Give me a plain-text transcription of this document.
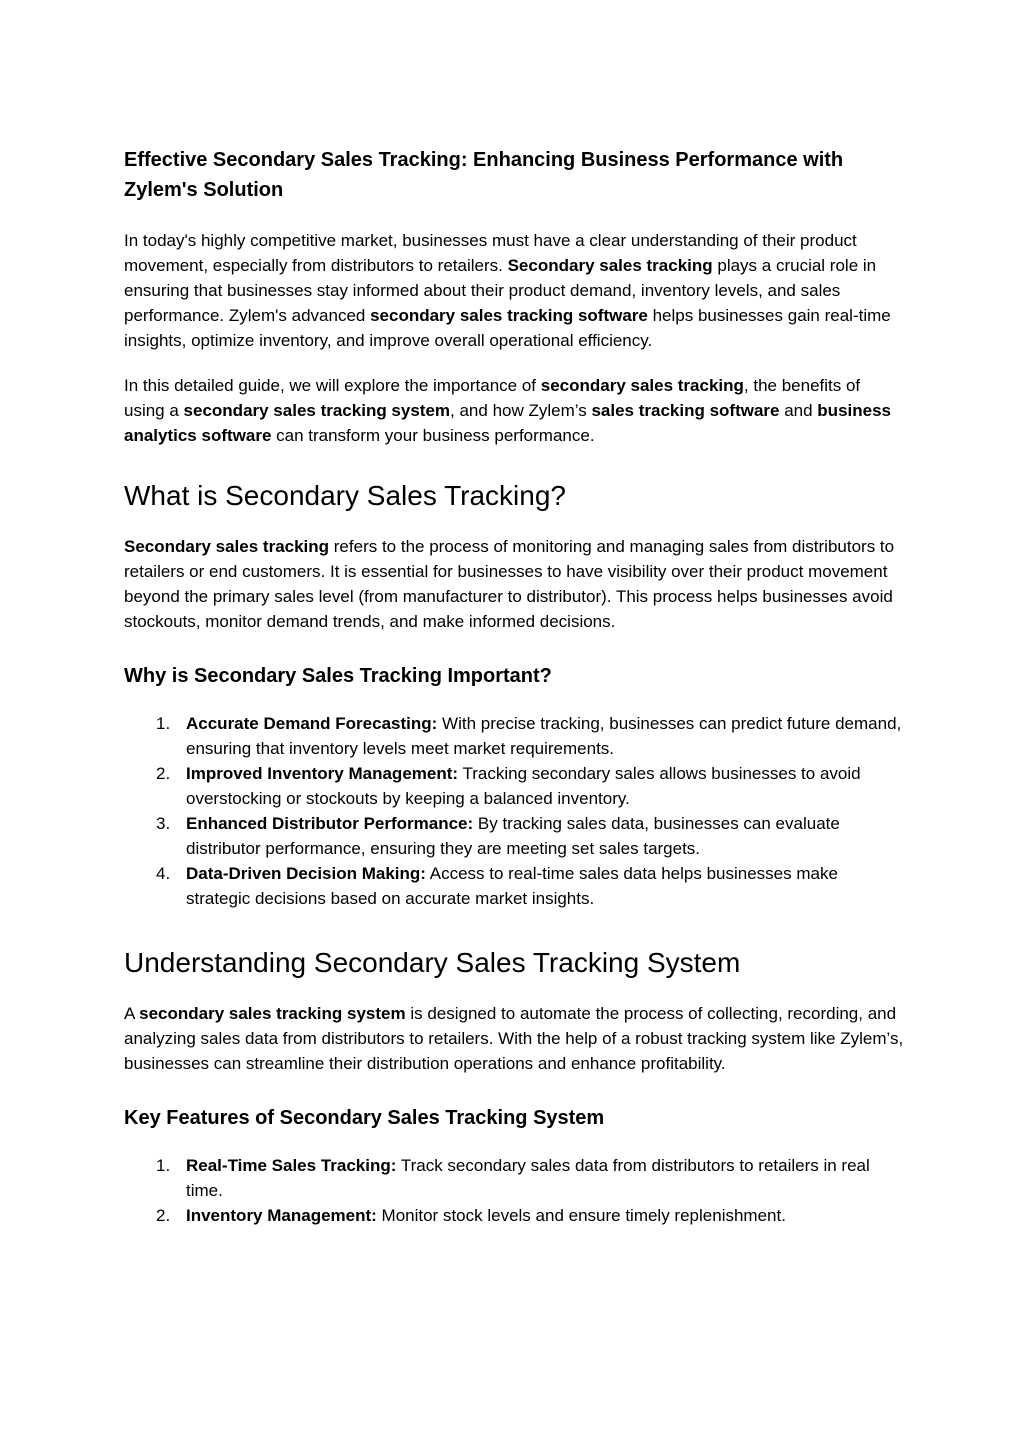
Effective Secondary Sales Tracking: Enhancing Business Performance with Zylem's Solution

In today's highly competitive market, businesses must have a clear understanding of their product movement, especially from distributors to retailers. Secondary sales tracking plays a crucial role in ensuring that businesses stay informed about their product demand, inventory levels, and sales performance. Zylem's advanced secondary sales tracking software helps businesses gain real-time insights, optimize inventory, and improve overall operational efficiency.

In this detailed guide, we will explore the importance of secondary sales tracking, the benefits of using a secondary sales tracking system, and how Zylem’s sales tracking software and business analytics software can transform your business performance.

What is Secondary Sales Tracking?

Secondary sales tracking refers to the process of monitoring and managing sales from distributors to retailers or end customers. It is essential for businesses to have visibility over their product movement beyond the primary sales level (from manufacturer to distributor). This process helps businesses avoid stockouts, monitor demand trends, and make informed decisions.

Why is Secondary Sales Tracking Important?
1. Accurate Demand Forecasting: With precise tracking, businesses can predict future demand, ensuring that inventory levels meet market requirements.
2. Improved Inventory Management: Tracking secondary sales allows businesses to avoid overstocking or stockouts by keeping a balanced inventory.
3. Enhanced Distributor Performance: By tracking sales data, businesses can evaluate distributor performance, ensuring they are meeting set sales targets.
4. Data-Driven Decision Making: Access to real-time sales data helps businesses make strategic decisions based on accurate market insights.
Understanding Secondary Sales Tracking System

A secondary sales tracking system is designed to automate the process of collecting, recording, and analyzing sales data from distributors to retailers. With the help of a robust tracking system like Zylem’s, businesses can streamline their distribution operations and enhance profitability.

Key Features of Secondary Sales Tracking System
1. Real-Time Sales Tracking: Track secondary sales data from distributors to retailers in real time.
2. Inventory Management: Monitor stock levels and ensure timely replenishment.
